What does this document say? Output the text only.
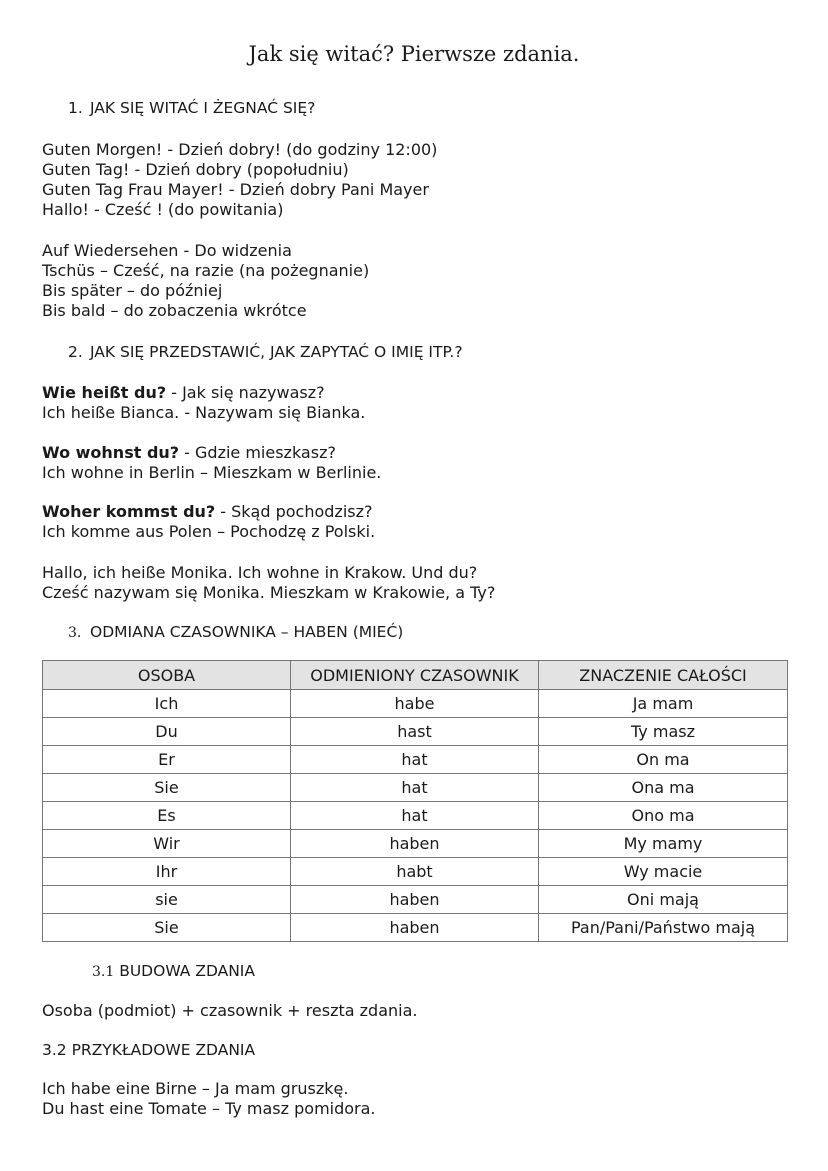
Jak się witać? Pierwsze zdania.
1. JAK SIĘ WITAĆ I ŻEGNAĆ SIĘ?
Guten Morgen! - Dzień dobry! (do godziny 12:00)
Guten Tag! - Dzień dobry (popołudniu)
Guten Tag Frau Mayer! - Dzień dobry Pani Mayer
Hallo! - Cześć ! (do powitania)
Auf Wiedersehen - Do widzenia
Tschüs – Cześć, na razie (na pożegnanie)
Bis später – do później
Bis bald – do zobaczenia wkrótce
2. JAK SIĘ PRZEDSTAWIĆ, JAK ZAPYTAĆ O IMIĘ ITP.?
Wie heißt du? - Jak się nazywasz?
Ich heiße Bianca. - Nazywam się Bianka.
Wo wohnst du? - Gdzie mieszkasz?
Ich wohne in Berlin – Mieszkam w Berlinie.
Woher kommst du? - Skąd pochodzisz?
Ich komme aus Polen – Pochodzę z Polski.
Hallo, ich heiße Monika. Ich wohne in Krakow. Und du?
Cześć nazywam się Monika. Mieszkam w Krakowie, a Ty?
3. ODMIANA CZASOWNIKA – HABEN (MIEĆ)
OSOBA	ODMIENIONY CZASOWNIK	ZNACZENIE CAŁOŚCI
Ich	habe	Ja mam
Du	hast	Ty masz
Er	hat	On ma
Sie	hat	Ona ma
Es	hat	Ono ma
Wir	haben	My mamy
Ihr	habt	Wy macie
sie	haben	Oni mają
Sie	haben	Pan/Pani/Państwo mają
3.1 BUDOWA ZDANIA
Osoba (podmiot) + czasownik + reszta zdania.
3.2 PRZYKŁADOWE ZDANIA
Ich habe eine Birne – Ja mam gruszkę.
Du hast eine Tomate – Ty masz pomidora.
